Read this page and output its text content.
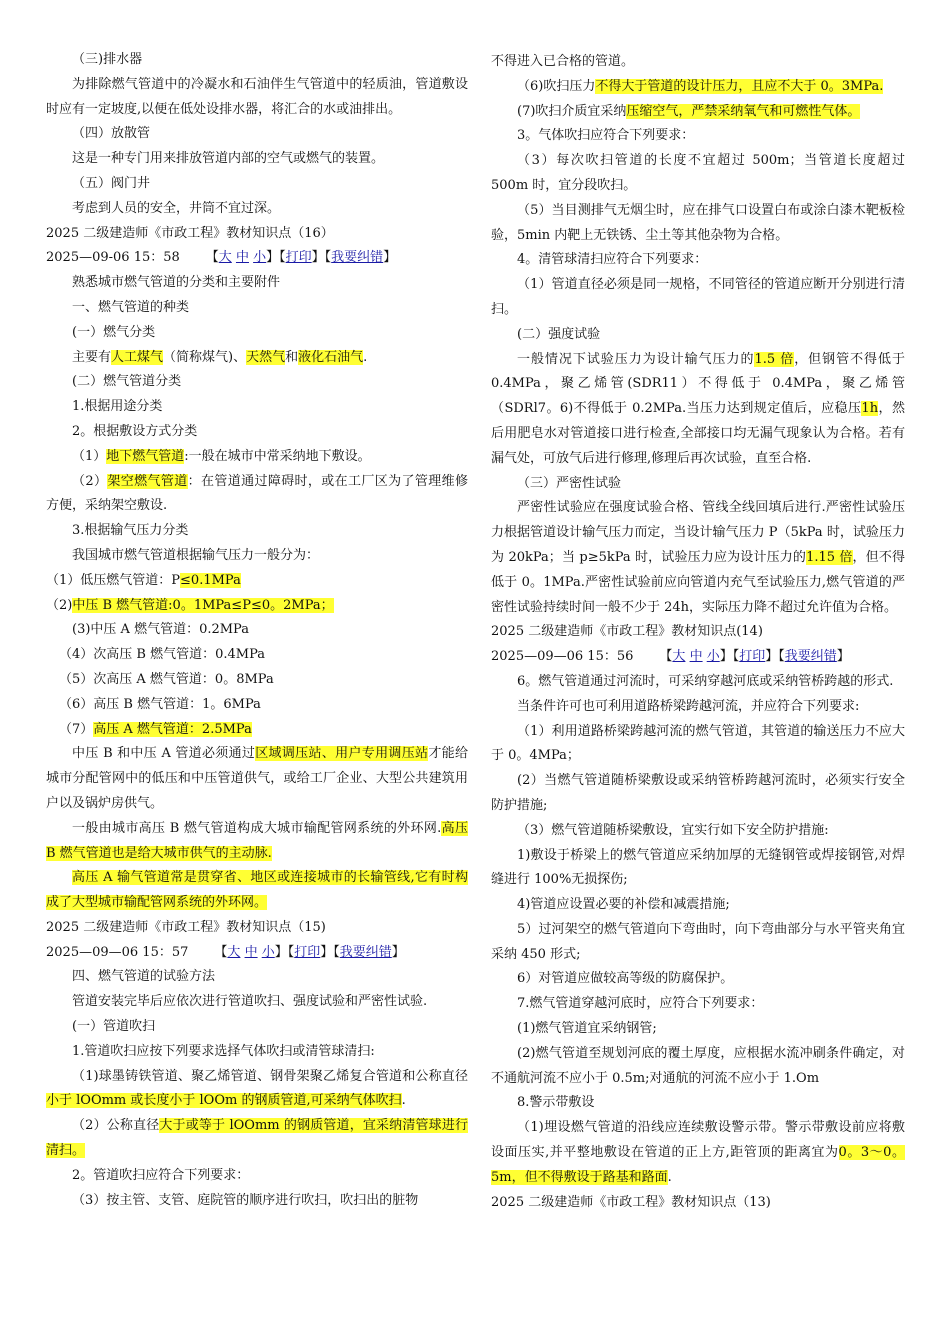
（三)排水器

为排除燃气管道中的冷凝水和石油伴生气管道中的轻质油，管道敷设时应有一定坡度,以便在低处设排水器，将汇合的水或油排出。

（四）放散管

这是一种专门用来排放管道内部的空气或燃气的装置。

（五）阀门井

考虑到人员的安全，井筒不宜过深。

2025 二级建造师《市政工程》教材知识点（16）

2025—09-06 15：58 【大 中 小】【打印】【我要纠错】

熟悉城市燃气管道的分类和主要附件

一、燃气管道的种类

(一）燃气分类

主要有人工煤气（简称煤气)、天然气和液化石油气.

(二）燃气管道分类

1.根据用途分类

2。根据敷设方式分类

（1）地下燃气管道:一般在城市中常采纳地下敷设。

（2）架空燃气管道：在管道通过障碍时，或在工厂区为了管理维修方便，采纳架空敷设.

3.根据输气压力分类

我国城市燃气管道根据输气压力一般分为：

（1）低压燃气管道：P≤0.1MPa

（2)中压 B 燃气管道:0。1MPa≤P≤0。2MPa；

(3)中压 A 燃气管道：0.2MPa

（4）次高压 B 燃气管道：0.4MPa

（5）次高压 A 燃气管道：0。8MPa

（6）高压 B 燃气管道：1。6MPa

（7）高压 A 燃气管道：2.5MPa

中压 B 和中压 A 管道必须通过区域调压站、用户专用调压站才能给城市分配管网中的低压和中压管道供气，或给工厂企业、大型公共建筑用户以及锅炉房供气。

一般由城市高压 B 燃气管道构成大城市输配管网系统的外环网.高压 B 燃气管道也是给大城市供气的主动脉.

高压 A 输气管道常是贯穿省、地区或连接城市的长输管线,它有时构成了大型城市输配管网系统的外环网。

2025 二级建造师《市政工程》教材知识点（15)

2025—09—06 15：57 【大 中 小】【打印】【我要纠错】

四、燃气管道的试验方法

管道安装完毕后应依次进行管道吹扫、强度试验和严密性试验.

(一）管道吹扫

1.管道吹扫应按下列要求选择气体吹扫或清管球清扫:

（1)球墨铸铁管道、聚乙烯管道、钢骨架聚乙烯复合管道和公称直径小于 lOOmm 或长度小于 lOOm 的钢质管道,可采纳气体吹扫.

（2）公称直径大于或等于 lOOmm 的钢质管道，宜采纳清管球进行清扫。

2。管道吹扫应符合下列要求：

（3）按主管、支管、庭院管的顺序进行吹扫，吹扫出的脏物

不得进入已合格的管道。

（6)吹扫压力不得大于管道的设计压力，且应不大于 0。3MPa.

(7)吹扫介质宜采纳压缩空气，严禁采纳氧气和可燃性气体。

3。气体吹扫应符合下列要求：

（3）每次吹扫管道的长度不宜超过 500m；当管道长度超过 500m 时，宜分段吹扫。

（5）当目测排气无烟尘时，应在排气口设置白布或涂白漆木靶板检验，5min 内靶上无铁锈、尘土等其他杂物为合格。

4。清管球清扫应符合下列要求：

（1）管道直径必须是同一规格，不同管径的管道应断开分别进行清扫。

(二）强度试验

一般情况下试验压力为设计输气压力的1.5 倍，但钢管不得低于 0.4MPa，聚乙烯管(SDR11）不得低于 0.4MPa，聚乙烯管（SDRl7。6)不得低于 0.2MPa.当压力达到规定值后，应稳压1h，然后用肥皂水对管道接口进行检查,全部接口均无漏气现象认为合格。若有漏气处，可放气后进行修理,修理后再次试验，直至合格.

（三）严密性试验

严密性试验应在强度试验合格、管线全线回填后进行.严密性试验压力根据管道设计输气压力而定，当设计输气压力 P（5kPa 时，试验压力为 20kPa；当 p≥5kPa 时，试验压力应为设计压力的1.15 倍，但不得低于 0。1MPa.严密性试验前应向管道内充气至试验压力,燃气管道的严密性试验持续时间一般不少于 24h，实际压力降不超过允许值为合格。

2025 二级建造师《市政工程》教材知识点(14)

2025—09—06 15：56 【大 中 小】【打印】【我要纠错】

6。燃气管道通过河流时，可采纳穿越河底或采纳管桥跨越的形式.

当条件许可也可利用道路桥梁跨越河流，并应符合下列要求:

（1）利用道路桥梁跨越河流的燃气管道，其管道的输送压力不应大于 0。4MPa；

(2）当燃气管道随桥梁敷设或采纳管桥跨越河流时，必须实行安全防护措施;

（3）燃气管道随桥梁敷设，宜实行如下安全防护措施:

1)敷设于桥梁上的燃气管道应采纳加厚的无缝钢管或焊接钢管,对焊缝进行 100%无损探伤;

4)管道应设置必要的补偿和减震措施;

5）过河架空的燃气管道向下弯曲时，向下弯曲部分与水平管夹角宜采纳 450 形式;

6）对管道应做较高等级的防腐保护。

7.燃气管道穿越河底时，应符合下列要求：

(1)燃气管道宜采纳钢管;

(2)燃气管道至规划河底的覆土厚度，应根据水流冲刷条件确定，对不通航河流不应小于 0.5m;对通航的河流不应小于 1.Om

8.警示带敷设

（1)埋设燃气管道的沿线应连续敷设警示带。警示带敷设前应将敷设面压实,并平整地敷设在管道的正上方,距管顶的距离宜为0。3～0。5m，但不得敷设于路基和路面.

2025 二级建造师《市政工程》教材知识点（13)
